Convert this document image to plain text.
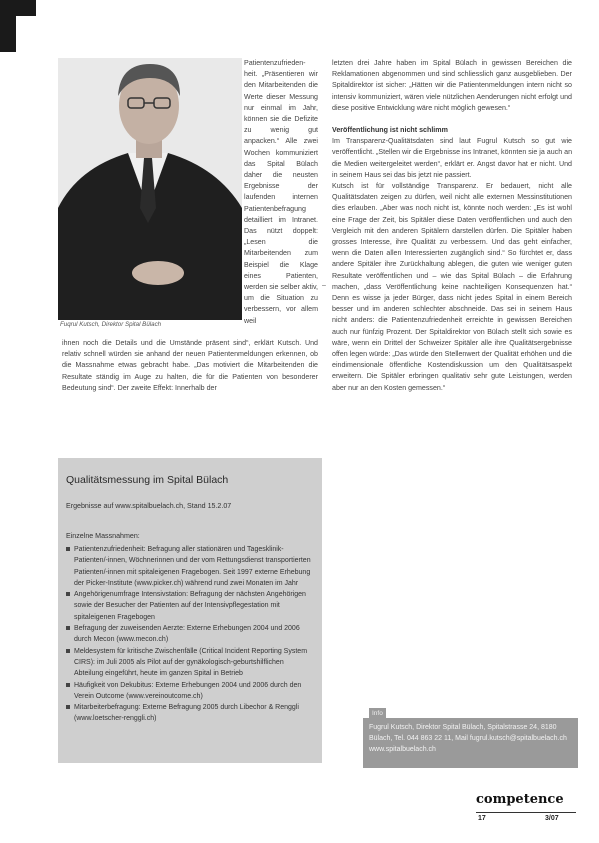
Fuqrul Kutsch, Direktor Spital Bülach

Patientenzufrieden-heit. „Präsentieren wir den Mitarbeitenden die Werte dieser Messung nur einmal im Jahr, können sie die Defizite zu wenig gut anpacken.“ Alle zwei Wochen kommuniziert das Spital Bülach daher die neusten Ergebnisse der laufenden internen Patientenbefragung detailliert im Intranet. Das nützt doppelt: „Lesen die Mitarbeitenden zum Beispiel die Klage eines Patienten, werden sie selber aktiv, um die Situation zu verbessern, vor allem weil

–

ihnen noch die Details und die Umstände präsent sind“, erklärt Kutsch. Und relativ schnell würden sie anhand der neuen Patientenmeldungen erkennen, ob die Massnahme etwas gebracht habe. „Das motiviert die Mitarbeitenden die Resultate ständig im Auge zu halten, die für die Patienten von besonderer Bedeutung sind“. Der zweite Effekt: Innerhalb der

letzten drei Jahre haben im Spital Bülach in gewissen Bereichen die Reklamationen abgenommen und sind schliesslich ganz ausgeblieben. Der Spitaldirektor ist sicher: „Hätten wir die Patientenmeldungen intern nicht so intensiv kommuniziert, wären viele nützlichen Aenderungen nicht erfolgt und diese positive Entwicklung wäre nicht möglich gewesen.“

Veröffentlichung ist nicht schlimm

Im Transparenz-Qualitätsdaten sind laut Fugrul Kutsch so gut wie veröffentlicht. „Stellen wir die Ergebnisse ins Intranet, könnten sie ja auch an die Medien weitergeleitet werden“, erklärt er. Angst davor hat er nicht. Und in seinem Haus sei das bis jetzt nie passiert.

Kutsch ist für vollständige Transparenz. Er bedauert, nicht alle Qualitätsdaten zeigen zu dürfen, weil nicht alle externen Messinstitutionen dies erlauben. „Aber was noch nicht ist, könnte noch werden: „Es ist wohl eine Frage der Zeit, bis Spitäler diese Daten veröffentlichen und auch den Vergleich mit den anderen Spitälern darstellen dürfen. Die Spitäler haben grosses Interesse, ihre Qualität zu verbessern. Und das geht einfacher, wenn die Daten allen Interessierten zugänglich sind.“ So fürchtet er, dass andere Spitäler ihre Zurückhaltung ablegen, die guten wie weniger guten Resultate veröffentlichen und – wie das Spital Bülach – die Erfahrung machen, „dass Veröffentlichung keine nachteiligen Konsequenzen hat.“ Denn es wisse ja jeder Bürger, dass nicht jedes Spital in einem Bereich besser und im anderen schlechter abschneide. Das sei in seinem Haus nicht anders: die Patientenzufriedenheit erreichte in gewissen Bereichen auch nur fünfzig Prozent. Der Spitaldirektor von Bülach stellt sich sowie es wäre, wenn ein Drittel der Schweizer Spitäler alle ihre Qualitätsergebnisse offen legen würde: „Das würde den Stellenwert der Qualität erhöhen und die eindimensionale öffentliche Kostendiskussion um den Qualitätsaspekt erweitern. Die Spitäler erbringen qualitativ sehr gute Leistungen, werden aber nur an den Kosten gemessen.“

Qualitätsmessung im Spital Bülach
Ergebnisse auf www.spitalbuelach.ch, Stand 15.2.07
Einzelne Massnahmen:
Patientenzufriedenheit: Befragung aller stationären und Tagesklinik-Patienten/-innen, Wöchnerinnen und der vom Rettungsdienst transportierten Patienten/-innen mit spitaleigenen Fragebogen. Seit 1997 externe Erhebung der Picker-Institute (www.picker.ch) während rund zwei Monaten im Jahr
Angehörigenumfrage Intensivstation: Befragung der nächsten Angehörigen sowie der Besucher der Patienten auf der Intensivpflegestation mit spitaleigenen Fragebogen
Befragung der zuweisenden Aerzte: Externe Erhebungen 2004 und 2006 durch Mecon (www.mecon.ch)
Meldesystem für kritische Zwischenfälle (Critical Incident Reporting System CIRS): im Juli 2005 als Pilot auf der gynäkologisch-geburtshilflichen Abteilung eingeführt, heute im ganzen Spital in Betrieb
Häufigkeit von Dekubitus: Externe Erhebungen 2004 und 2006 durch den Verein Outcome (www.vereinoutcome.ch)
Mitarbeiterbefragung: Externe Befragung 2005 durch Libechor & Renggli (www.loetscher-renggli.ch)
Info
Fugrul Kutsch, Direktor Spital Bülach, Spitalstrasse 24, 8180 Bülach, Tel. 044 863 22 11, Mail fugrul.kutsch@spitalbuelach.ch www.spitalbuelach.ch
competence
17	3/07
